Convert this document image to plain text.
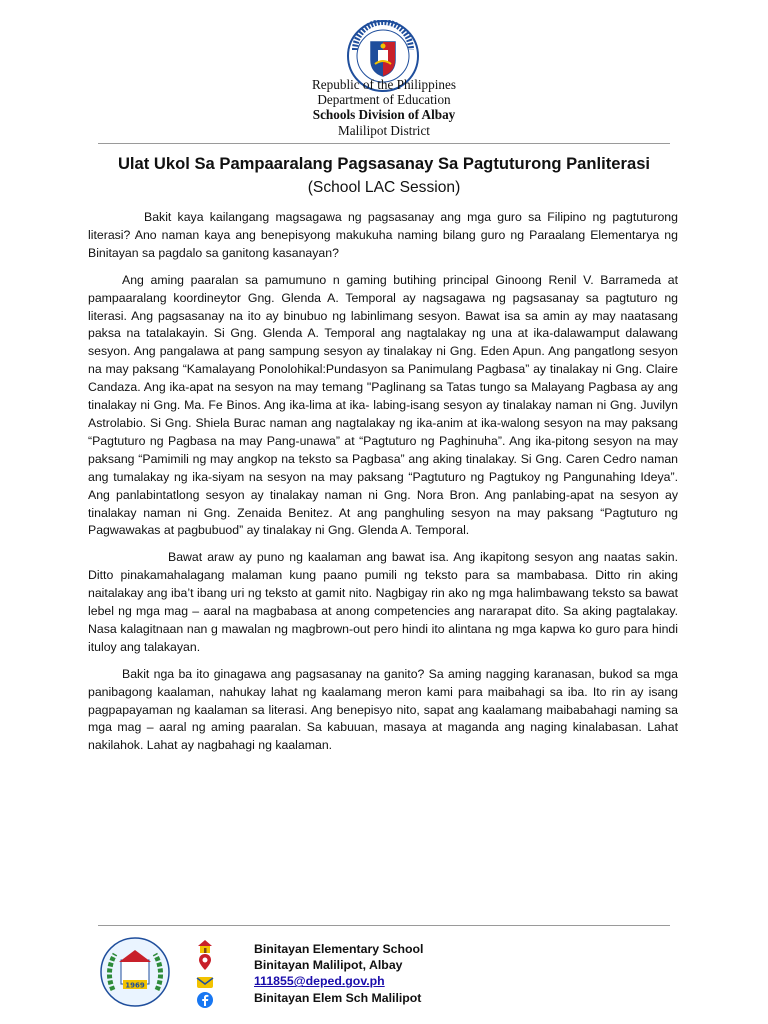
Republic of the Philippines
Department of Education
Schools Division of Albay
Malilipot District
Ulat Ukol Sa Pampaaralang Pagsasanay Sa Pagtuturong Panliterasi
(School LAC Session)

Bakit kaya kailangang magsagawa ng pagsasanay ang mga guro sa Filipino ng pagtuturong literasi? Ano naman kaya ang benepisyong makukuha naming bilang guro ng Paraalang Elementarya ng Binitayan sa pagdalo sa ganitong kasanayan?

Ang aming paaralan sa pamumuno n gaming butihing principal Ginoong Renil V. Barrameda at pampaaralang koordineytor Gng. Glenda A. Temporal ay nagsagawa ng pagsasanay sa pagtuturo ng literasi. Ang pagsasanay na ito ay binubuo ng labinlimang sesyon. Bawat isa sa amin ay may naatasang paksa na tatalakayin. Si Gng. Glenda A. Temporal ang nagtalakay ng una at ika-dalawamput dalawang sesyon. Ang pangalawa at pang sampung sesyon ay tinalakay ni Gng. Eden Apun. Ang pangatlong sesyon na may paksang “Kamalayang Ponolohikal:Pundasyon sa Panimulang Pagbasa” ay tinalakay ni Gng. Claire Candaza. Ang ika-apat na sesyon na may temang "Paglinang sa Tatas tungo sa Malayang Pagbasa ay ang tinalakay ni Gng. Ma. Fe Binos. Ang ika-lima at ika- labing-isang sesyon ay tinalakay naman ni Gng. Juvilyn Astrolabio. Si Gng. Shiela Burac naman ang nagtalakay ng ika-anim at ika-walong sesyon na may paksang “Pagtuturo ng Pagbasa na may Pang-unawa” at “Pagtuturo ng Paghinuha”. Ang ika-pitong sesyon na may paksang “Pamimili ng may angkop na teksto sa Pagbasa” ang aking tinalakay. Si Gng. Caren Cedro naman ang tumalakay ng ika-siyam na sesyon na may paksang “Pagtuturo ng Pagtukoy ng Pangunahing Ideya”. Ang panlabintatlong sesyon ay tinalakay naman ni Gng. Nora Bron. Ang panlabing-apat na sesyon ay tinalakay naman ni Gng. Zenaida Benitez. At ang panghuling sesyon na may paksang “Pagtuturo ng Pagwawakas at pagbubuod” ay tinalakay ni Gng. Glenda A. Temporal.

Bawat araw ay puno ng kaalaman ang bawat isa. Ang ikapitong sesyon ang naatas sakin. Ditto pinakamahalagang malaman kung paano pumili ng teksto para sa mambabasa. Ditto rin aking naitalakay ang iba’t ibang uri ng teksto at gamit nito. Nagbigay rin ako ng mga halimbawang teksto sa bawat lebel ng mga mag – aaral na magbabasa at anong competencies ang nararapat dito. Sa aking pagtalakay. Nasa kalagitnaan nan g mawalan ng magbrown-out pero hindi ito alintana ng mga kapwa ko guro para hindi ituloy ang talakayan.

Bakit nga ba ito ginagawa ang pagsasanay na ganito? Sa aming nagging karanasan, bukod sa mga panibagong kaalaman, nahukay lahat ng kaalamang meron kami para maibahagi sa iba. Ito rin ay isang pagpapayaman ng kaalaman sa literasi. Ang benepisyo nito, sapat ang kaalamang maibabahagi naming sa mga mag – aaral ng aming paaralan. Sa kabuuan, masaya at maganda ang naging kinalabasan. Lahat nakilahok. Lahat ay nagbahagi ng kaalaman.

1969
Binitayan Elementary School
Binitayan Malilipot, Albay
111855@deped.gov.ph
Binitayan Elem Sch Malilipot
